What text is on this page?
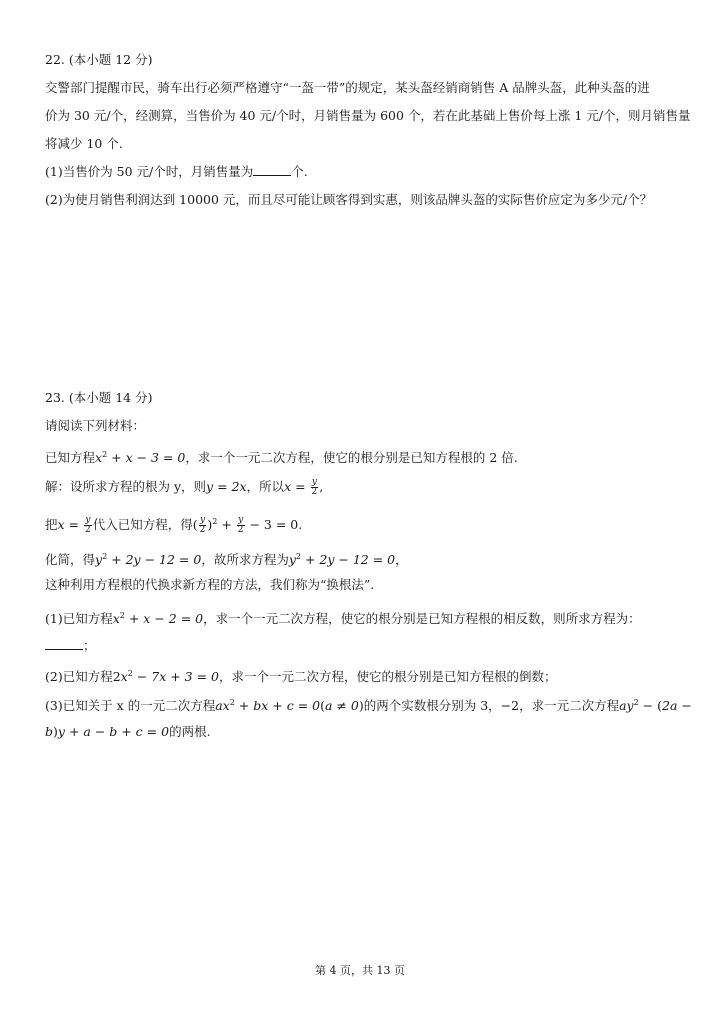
22. (本小题 12 分)
交警部门提醒市民，骑车出行必须严格遵守“一盔一带”的规定，某头盔经销商销售 A 品牌头盔，此种头盔的进
价为 30 元/个，经测算，当售价为 40 元/个时，月销售量为 600 个，若在此基础上售价每上涨 1 元/个，则月销售量
将减少 10 个.
(1)当售价为 50 元/个时，月销售量为	个.
(2)为使月销售利润达到 10000 元，而且尽可能让顾客得到实惠，则该品牌头盔的实际售价应定为多少元/个？
23. (本小题 14 分)
请阅读下列材料：
已知方程$x^2 + x - 3 = 0$，求一个一元二次方程，使它的根分别是已知方程根的 2 倍.
解：设所求方程的根为 y，则y = 2x，所以$x = \frac{y}{2}$ ,
把$x = \frac{y}{2}$ 代入已知方程，得( $\frac{y}{2} )^2 + \frac{y}{2} - 3 = 0$.
化简，得$y^2 + 2y - 12 = 0$，故所求方程为$y^2 + 2y - 12 = 0$，
这种利用方程根的代换求新方程的方法，我们称为“换根法”.
(1)已知方程$x^2 + x - 2 = 0$，求一个一元二次方程，使它的根分别是已知方程根的相反数，则所求方程为：
；
(2)已知方程$2x^2 - 7x + 3 = 0$，求一个一元二次方程，使它的根分别是已知方程根的倒数；
(3)已知关于 x 的一元二次方程$ax^2$ + bx + c = 0(a ≠ 0)的两个实数根分别为 3，−2，求一元二次方程$ay^2 - (2a$ −
b)y + a − b + c = 0的两根.
第 4 页，共 13 页
